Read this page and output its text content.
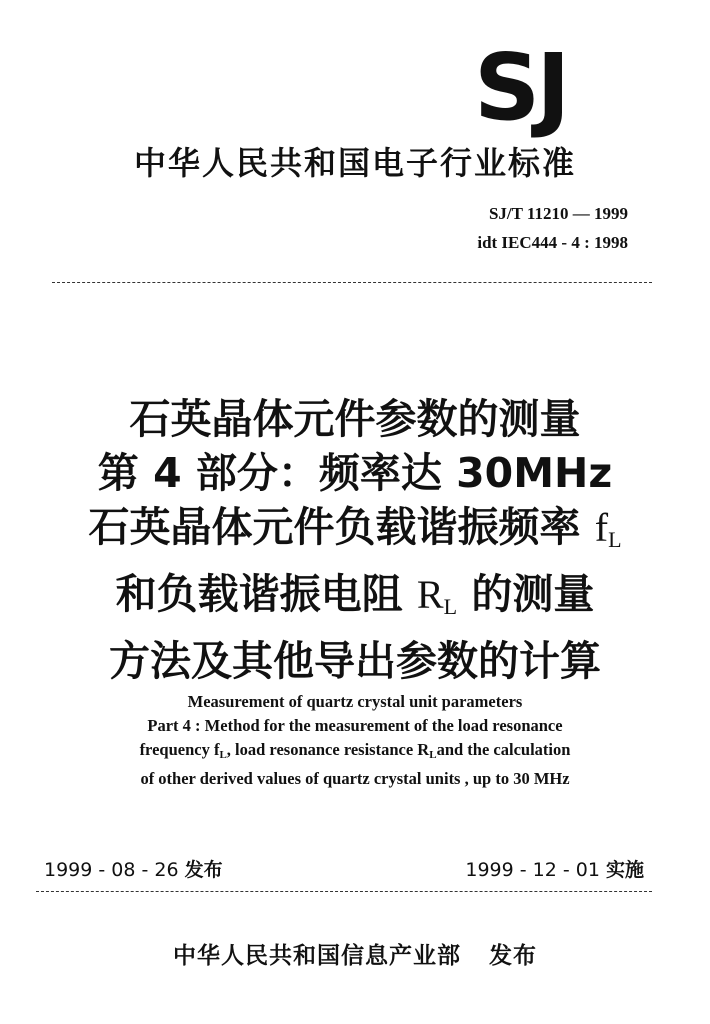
SJ
中华人民共和国电子行业标准
SJ/T 11210 — 1999
idt IEC444 - 4 : 1998
石英晶体元件参数的测量
第 4 部分：频率达 30MHz
石英晶体元件负载谐振频率 $f_L$
和负载谐振电阻 $R_L$ 的测量
方法及其他导出参数的计算
Measurement of quartz crystal unit parameters
Part 4 : Method for the measurement of the load resonance
frequency $f_L$, load resonance resistance $R_Land$ the calculation
of other derived values of quartz crystal units , up to 30 MHz
1999 - 08 - 26 发布	1999 - 12 - 01 实施
中华人民共和国信息产业部 发布
